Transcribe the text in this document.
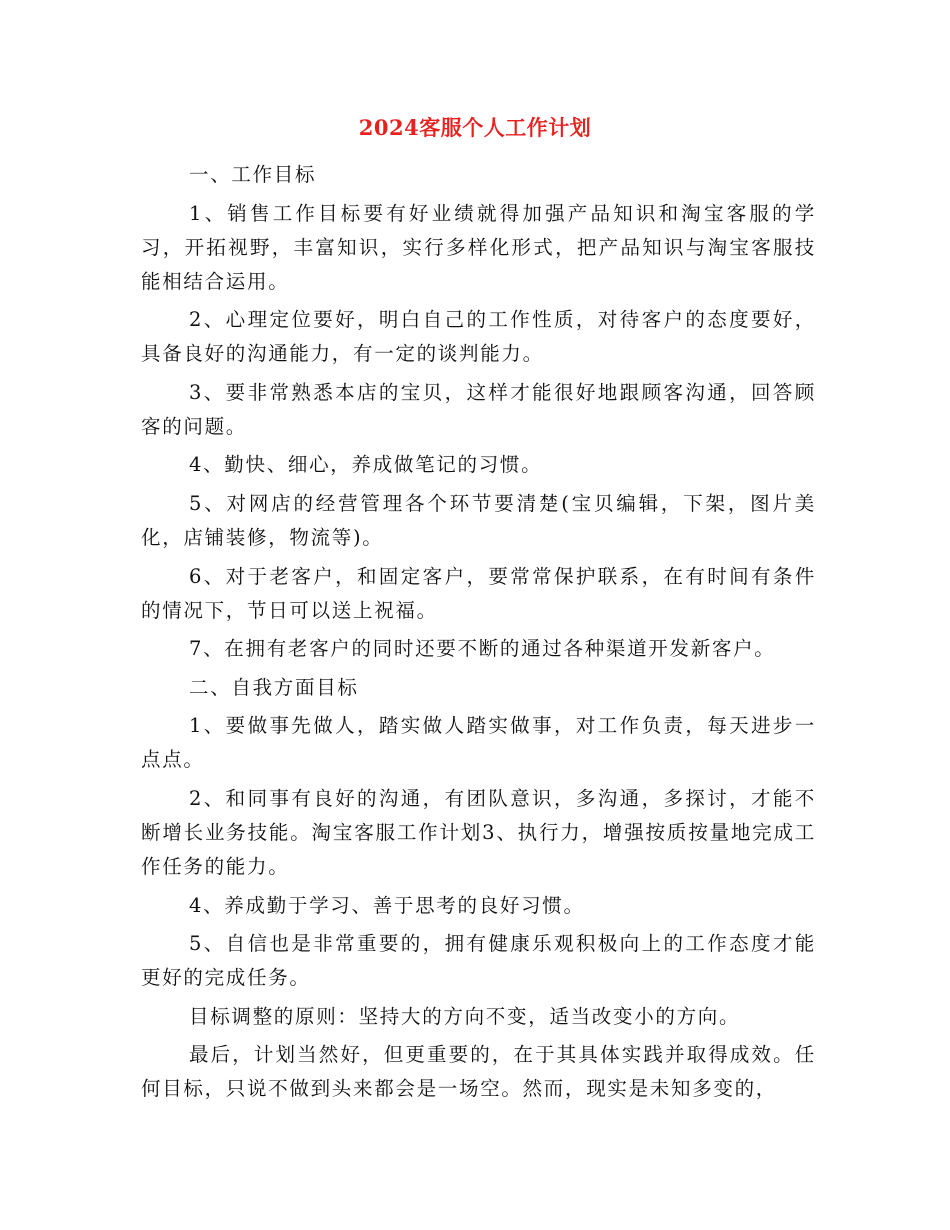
2024客服个人工作计划

一、工作目标

1、销售工作目标要有好业绩就得加强产品知识和淘宝客服的学习，开拓视野，丰富知识，实行多样化形式，把产品知识与淘宝客服技能相结合运用。

2、心理定位要好，明白自己的工作性质，对待客户的态度要好，具备良好的沟通能力，有一定的谈判能力。

3、要非常熟悉本店的宝贝，这样才能很好地跟顾客沟通，回答顾客的问题。

4、勤快、细心，养成做笔记的习惯。

5、对网店的经营管理各个环节要清楚(宝贝编辑，下架，图片美化，店铺装修，物流等)。

6、对于老客户，和固定客户，要常常保护联系，在有时间有条件的情况下，节日可以送上祝福。

7、在拥有老客户的同时还要不断的通过各种渠道开发新客户。

二、自我方面目标

1、要做事先做人，踏实做人踏实做事，对工作负责，每天进步一点点。

2、和同事有良好的沟通，有团队意识，多沟通，多探讨，才能不断增长业务技能。淘宝客服工作计划3、执行力，增强按质按量地完成工作任务的能力。

4、养成勤于学习、善于思考的良好习惯。

5、自信也是非常重要的，拥有健康乐观积极向上的工作态度才能更好的完成任务。

目标调整的原则：坚持大的方向不变，适当改变小的方向。

最后，计划当然好，但更重要的，在于其具体实践并取得成效。任何目标，只说不做到头来都会是一场空。然而，现实是未知多变的，
